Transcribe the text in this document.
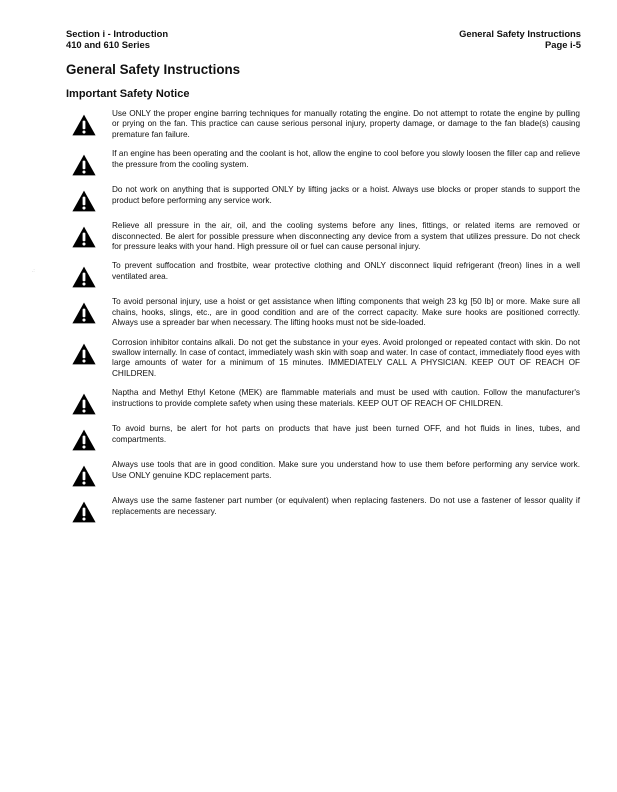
Section i - Introduction
410 and 610 Series
General Safety Instructions
Page i-5
General Safety Instructions
Important Safety Notice

Use ONLY the proper engine barring techniques for manually rotating the engine. Do not attempt to rotate the engine by pulling or prying on the fan. This practice can cause serious personal injury, property damage, or damage to the fan blade(s) causing premature fan failure.

If an engine has been operating and the coolant is hot, allow the engine to cool before you slowly loosen the filler cap and relieve the pressure from the cooling system.

Do not work on anything that is supported ONLY by lifting jacks or a hoist. Always use blocks or proper stands to support the product before performing any service work.

Relieve all pressure in the air, oil, and the cooling systems before any lines, fittings, or related items are removed or disconnected. Be alert for possible pressure when disconnecting any device from a system that utilizes pressure. Do not check for pressure leaks with your hand. High pressure oil or fuel can cause personal injury.

To prevent suffocation and frostbite, wear protective clothing and ONLY disconnect liquid refrigerant (freon) lines in a well ventilated area.

To avoid personal injury, use a hoist or get assistance when lifting components that weigh 23 kg [50 lb] or more. Make sure all chains, hooks, slings, etc., are in good condition and are of the correct capacity. Make sure hooks are positioned correctly. Always use a spreader bar when necessary. The lifting hooks must not be side-loaded.

Corrosion inhibitor contains alkali. Do not get the substance in your eyes. Avoid prolonged or repeated contact with skin. Do not swallow internally. In case of contact, immediately wash skin with soap and water. In case of contact, immediately flood eyes with large amounts of water for a minimum of 15 minutes. IMMEDIATELY CALL A PHYSICIAN. KEEP OUT OF REACH OF CHILDREN.

Naptha and Methyl Ethyl Ketone (MEK) are flammable materials and must be used with caution. Follow the manufacturer's instructions to provide complete safety when using these materials. KEEP OUT OF REACH OF CHILDREN.

To avoid burns, be alert for hot parts on products that have just been turned OFF, and hot fluids in lines, tubes, and compartments.

Always use tools that are in good condition. Make sure you understand how to use them before performing any service work. Use ONLY genuine KDC replacement parts.

Always use the same fastener part number (or equivalent) when replacing fasteners. Do not use a fastener of lessor quality if replacements are necessary.

.:
